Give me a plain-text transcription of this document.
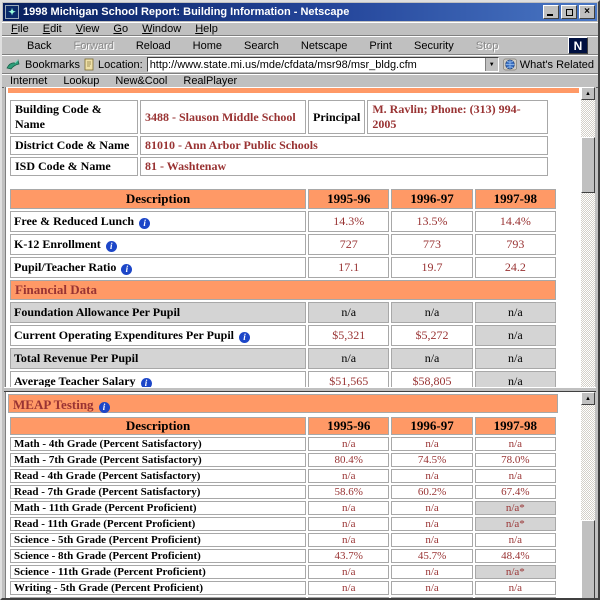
✦ 1998 Michigan School Report: Building Information - Netscape	×
File	Edit	View	Go	Window	Help
Back	Forward	Reload	Home	Search	Netscape	Print	Security	Stop	N
Bookmarks Location:
http://www.state.mi.us/mde/cfdata/msr98/msr_bldg.cfm	▼ What's Related
Internet Lookup New&Cool RealPlayer
Building Code & Name	3488 - Slauson Middle School	Principal	M. Ravlin; Phone: (313) 994-2005
District Code & Name	81010 - Ann Arbor Public Schools		
ISD Code & Name	81 - Washtenaw		
Description	1995-96	1996-97	1997-98
Free & Reduced Lunch i	14.3%	13.5%	14.4%
K-12 Enrollment i	727	773	793
Pupil/Teacher Ratio i	17.1	19.7	24.2
Financial Data			
Foundation Allowance Per Pupil	n/a	n/a	n/a
Current Operating Expenditures Per Pupil i	$5,321	$5,272	n/a
Total Revenue Per Pupil	n/a	n/a	n/a
Average Teacher Salary i	$51,565	$58,805	n/a

▲
MEAP Testing i
Description	1995-96	1996-97	1997-98
Math - 4th Grade (Percent Satisfactory)	n/a	n/a	n/a
Math - 7th Grade (Percent Satisfactory)	80.4%	74.5%	78.0%
Read - 4th Grade (Percent Satisfactory)	n/a	n/a	n/a
Read - 7th Grade (Percent Satisfactory)	58.6%	60.2%	67.4%
Math - 11th Grade (Percent Proficient)	n/a	n/a	n/a*
Read - 11th Grade (Percent Proficient)	n/a	n/a	n/a*
Science - 5th Grade (Percent Proficient)	n/a	n/a	n/a
Science - 8th Grade (Percent Proficient)	43.7%	45.7%	48.4%
Science - 11th Grade (Percent Proficient)	n/a	n/a	n/a*
Writing - 5th Grade (Percent Proficient)	n/a	n/a	n/a

▲
